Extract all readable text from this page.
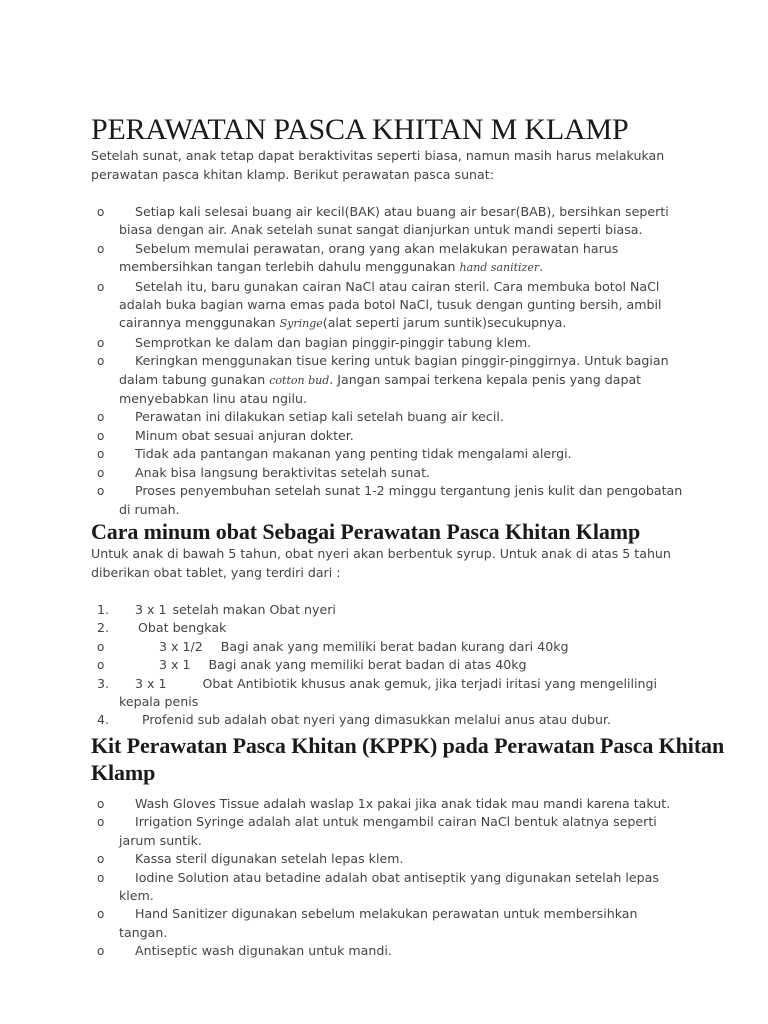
PERAWATAN PASCA KHITAN M KLAMP
Setelah sunat, anak tetap dapat beraktivitas seperti biasa, namun masih harus melakukan perawatan pasca khitan klamp. Berikut perawatan pasca sunat:
o Setiap kali selesai buang air kecil(BAK) atau buang air besar(BAB), bersihkan seperti biasa dengan air. Anak setelah sunat sangat dianjurkan untuk mandi seperti biasa.
o Sebelum memulai perawatan, orang yang akan melakukan perawatan harus membersihkan tangan terlebih dahulu menggunakan hand sanitizer.
o Setelah itu, baru gunakan cairan NaCl atau cairan steril. Cara membuka botol NaCl adalah buka bagian warna emas pada botol NaCl, tusuk dengan gunting bersih, ambil cairannya menggunakan Syringe(alat seperti jarum suntik)secukupnya.
o Semprotkan ke dalam dan bagian pinggir-pinggir tabung klem.
o Keringkan menggunakan tisue kering untuk bagian pinggir-pinggirnya. Untuk bagian dalam tabung gunakan cotton bud. Jangan sampai terkena kepala penis yang dapat menyebabkan linu atau ngilu.
o Perawatan ini dilakukan setiap kali setelah buang air kecil.
o Minum obat sesuai anjuran dokter.
o Tidak ada pantangan makanan yang penting tidak mengalami alergi.
o Anak bisa langsung beraktivitas setelah sunat.
o Proses penyembuhan setelah sunat 1-2 minggu tergantung jenis kulit dan pengobatan di rumah.
Cara minum obat Sebagai Perawatan Pasca Khitan Klamp
Untuk anak di bawah 5 tahun, obat nyeri akan berbentuk syrup. Untuk anak di atas 5 tahun diberikan obat tablet, yang terdiri dari :
1. 3 x 1 setelah makan Obat nyeri
2. Obat bengkak
o	3 x 1/2 Bagi anak yang memiliki berat badan kurang dari 40kg
o	3 x 1 Bagi anak yang memiliki berat badan di atas 40kg
3. 3 x 1	Obat Antibiotik khusus anak gemuk, jika terjadi iritasi yang mengelilingi kepala penis
4.	Profenid sub adalah obat nyeri yang dimasukkan melalui anus atau dubur.
Kit Perawatan Pasca Khitan (KPPK) pada Perawatan Pasca Khitan Klamp
o Wash Gloves Tissue adalah waslap 1x pakai jika anak tidak mau mandi karena takut.
o Irrigation Syringe adalah alat untuk mengambil cairan NaCl bentuk alatnya seperti jarum suntik.
o Kassa steril digunakan setelah lepas klem.
o Iodine Solution atau betadine adalah obat antiseptik yang digunakan setelah lepas klem.
o Hand Sanitizer digunakan sebelum melakukan perawatan untuk membersihkan tangan.
o Antiseptic wash digunakan untuk mandi.
